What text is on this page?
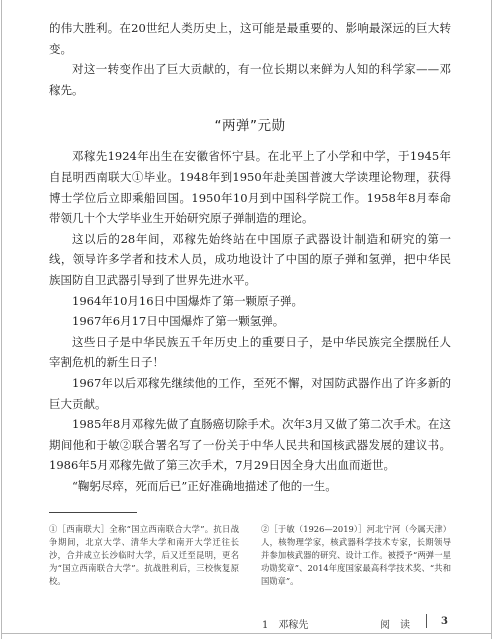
的伟大胜利。在20世纪人类历史上，这可能是最重要的、影响最深远的巨大转变。

对这一转变作出了巨大贡献的，有一位长期以来鲜为人知的科学家——邓稼先。

“两弹”元勋

邓稼先1924年出生在安徽省怀宁县。在北平上了小学和中学，于1945年自昆明西南联大①毕业。1948年到1950年赴美国普渡大学读理论物理，获得博士学位后立即乘船回国。1950年10月到中国科学院工作。1958年8月奉命带领几十个大学毕业生开始研究原子弹制造的理论。

这以后的28年间，邓稼先始终站在中国原子武器设计制造和研究的第一线，领导许多学者和技术人员，成功地设计了中国的原子弹和氢弹，把中华民族国防自卫武器引导到了世界先进水平。

1964年10月16日中国爆炸了第一颗原子弹。

1967年6月17日中国爆炸了第一颗氢弹。

这些日子是中华民族五千年历史上的重要日子，是中华民族完全摆脱任人宰割危机的新生日子！

1967年以后邓稼先继续他的工作，至死不懈，对国防武器作出了许多新的巨大贡献。

1985年8月邓稼先做了直肠癌切除手术。次年3月又做了第二次手术。在这期间他和于敏②联合署名写了一份关于中华人民共和国核武器发展的建议书。1986年5月邓稼先做了第三次手术，7月29日因全身大出血而逝世。

“鞠躬尽瘁，死而后已”正好准确地描述了他的一生。

①［西南联大］全称“国立西南联合大学”。抗日战争期间，北京大学、清华大学和南开大学迁往长沙，合并成立长沙临时大学，后又迁至昆明，更名为“国立西南联合大学”。抗战胜利后，三校恢复原校。
②［于敏（1926—2019）］河北宁河（今属天津）人，核物理学家，核武器科学技术专家，长期领导并参加核武器的研究、设计工作。被授予“两弹一星功勋奖章”、2014年度国家最高科学技术奖、“共和国勋章”。
1　邓稼先	阅　读	3
